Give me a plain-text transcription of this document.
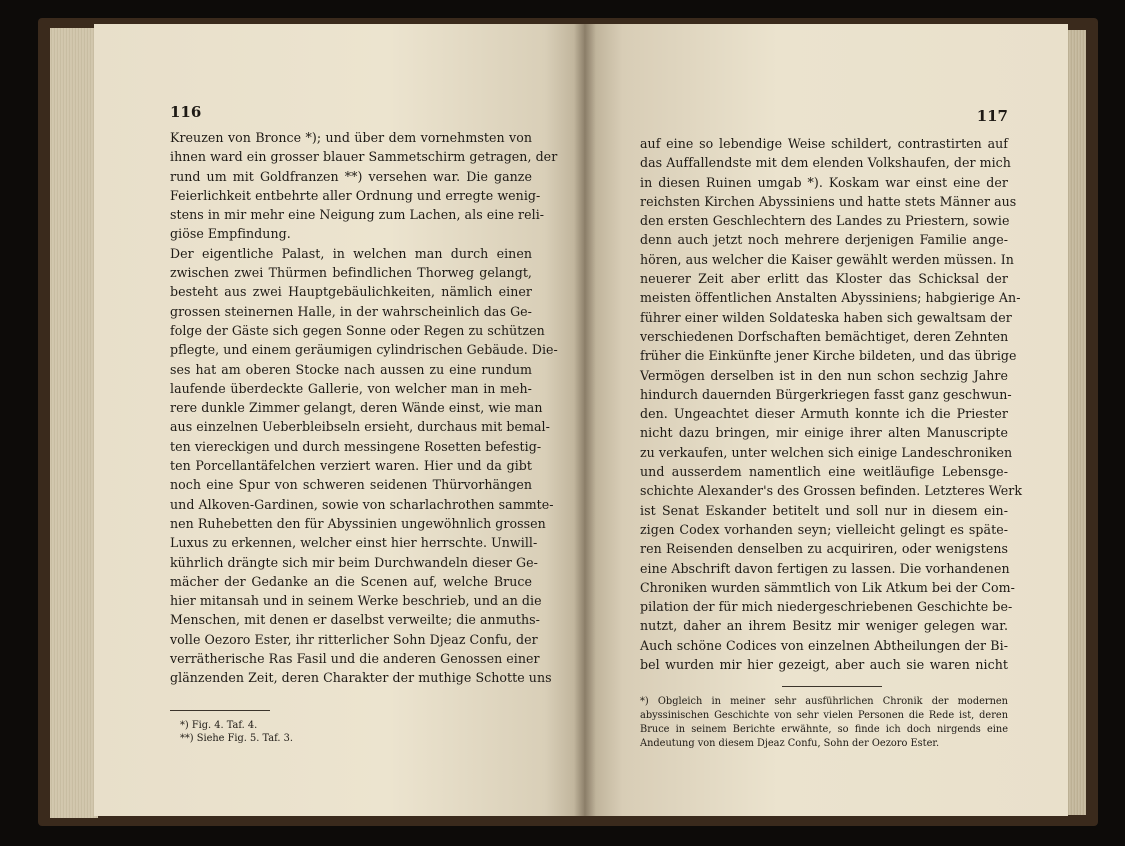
116
Kreuzen von Bronce *); und über dem vornehmsten von
ihnen ward ein grosser blauer Sammetschirm getragen, der
rund um mit Goldfranzen **) versehen war. Die ganze
Feierlichkeit entbehrte aller Ordnung und erregte wenig-
stens in mir mehr eine Neigung zum Lachen, als eine reli-
giöse Empfindung.
Der eigentliche Palast, in welchen man durch einen
zwischen zwei Thürmen befindlichen Thorweg gelangt,
besteht aus zwei Hauptgebäulichkeiten, nämlich einer
grossen steinernen Halle, in der wahrscheinlich das Ge-
folge der Gäste sich gegen Sonne oder Regen zu schützen
pflegte, und einem geräumigen cylindrischen Gebäude. Die-
ses hat am oberen Stocke nach aussen zu eine rundum
laufende überdeckte Gallerie, von welcher man in meh-
rere dunkle Zimmer gelangt, deren Wände einst, wie man
aus einzelnen Ueberbleibseln ersieht, durchaus mit bemal-
ten viereckigen und durch messingene Rosetten befestig-
ten Porcellantäfelchen verziert waren. Hier und da gibt
noch eine Spur von schweren seidenen Thürvorhängen
und Alkoven-Gardinen, sowie von scharlachrothen sammte-
nen Ruhebetten den für Abyssinien ungewöhnlich grossen
Luxus zu erkennen, welcher einst hier herrschte. Unwill-
kührlich drängte sich mir beim Durchwandeln dieser Ge-
mächer der Gedanke an die Scenen auf, welche Bruce
hier mitansah und in seinem Werke beschrieb, und an die
Menschen, mit denen er daselbst verweilte; die anmuths-
volle Oezoro Ester, ihr ritterlicher Sohn Djeaz Confu, der
verrätherische Ras Fasil und die anderen Genossen einer
glänzenden Zeit, deren Charakter der muthige Schotte uns
*) Fig. 4. Taf. 4.
**) Siehe Fig. 5. Taf. 3.
117
auf eine so lebendige Weise schildert, contrastirten auf
das Auffallendste mit dem elenden Volkshaufen, der mich
in diesen Ruinen umgab *). Koskam war einst eine der
reichsten Kirchen Abyssiniens und hatte stets Männer aus
den ersten Geschlechtern des Landes zu Priestern, sowie
denn auch jetzt noch mehrere derjenigen Familie ange-
hören, aus welcher die Kaiser gewählt werden müssen. In
neuerer Zeit aber erlitt das Kloster das Schicksal der
meisten öffentlichen Anstalten Abyssiniens; habgierige An-
führer einer wilden Soldateska haben sich gewaltsam der
verschiedenen Dorfschaften bemächtiget, deren Zehnten
früher die Einkünfte jener Kirche bildeten, und das übrige
Vermögen derselben ist in den nun schon sechzig Jahre
hindurch dauernden Bürgerkriegen fasst ganz geschwun-
den. Ungeachtet dieser Armuth konnte ich die Priester
nicht dazu bringen, mir einige ihrer alten Manuscripte
zu verkaufen, unter welchen sich einige Landeschroniken
und ausserdem namentlich eine weitläufige Lebensge-
schichte Alexander's des Grossen befinden. Letzteres Werk
ist Senat Eskander betitelt und soll nur in diesem ein-
zigen Codex vorhanden seyn; vielleicht gelingt es späte-
ren Reisenden denselben zu acquiriren, oder wenigstens
eine Abschrift davon fertigen zu lassen. Die vorhandenen
Chroniken wurden sämmtlich von Lik Atkum bei der Com-
pilation der für mich niedergeschriebenen Geschichte be-
nutzt, daher an ihrem Besitz mir weniger gelegen war.
Auch schöne Codices von einzelnen Abtheilungen der Bi-
bel wurden mir hier gezeigt, aber auch sie waren nicht
*) Obgleich in meiner sehr ausführlichen Chronik der modernen
abyssinischen Geschichte von sehr vielen Personen die Rede ist, deren
Bruce in seinem Berichte erwähnte, so finde ich doch nirgends eine
Andeutung von diesem Djeaz Confu, Sohn der Oezoro Ester.
